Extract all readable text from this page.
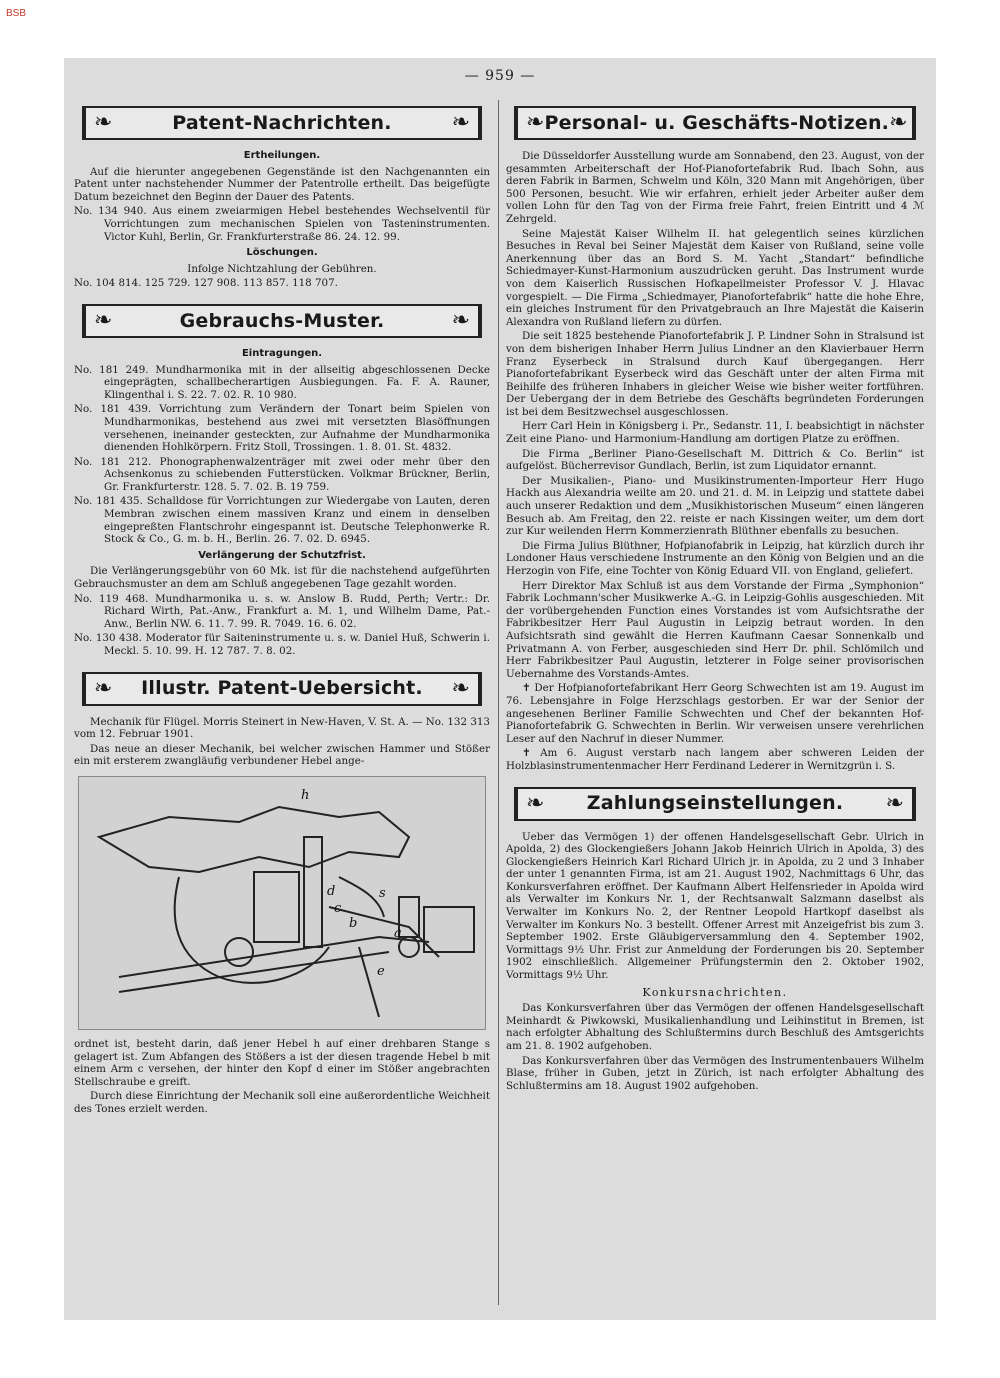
BSB
— 959 —
❧	Patent-Nachrichten.	❧
Ertheilungen.

Auf die hierunter angegebenen Gegenstände ist den Nachgenannten ein Patent unter nachstehender Nummer der Patentrolle ertheilt. Das beigefügte Datum bezeichnet den Beginn der Dauer des Patents.

No. 134 940. Aus einem zweiarmigen Hebel bestehendes Wechselventil für Vorrichtungen zum mechanischen Spielen von Tasteninstrumenten. Victor Kuhl, Berlin, Gr. Frankfurterstraße 86. 24. 12. 99.

Löschungen.

Infolge Nichtzahlung der Gebühren.

No. 104 814. 125 729. 127 908. 113 857. 118 707.

❧	Gebrauchs-Muster.	❧
Eintragungen.

No. 181 249. Mundharmonika mit in der allseitig abgeschlossenen Decke eingeprägten, schallbecherartigen Ausbiegungen. Fa. F. A. Rauner, Klingenthal i. S. 22. 7. 02. R. 10 980.

No. 181 439. Vorrichtung zum Verändern der Tonart beim Spielen von Mundharmonikas, bestehend aus zwei mit versetzten Blasöffnungen versehenen, ineinander gesteckten, zur Aufnahme der Mundharmonika dienenden Hohlkörpern. Fritz Stoll, Trossingen. 1. 8. 01. St. 4832.

No. 181 212. Phonographenwalzenträger mit zwei oder mehr über den Achsenkonus zu schiebenden Futterstücken. Volkmar Brückner, Berlin, Gr. Frankfurterstr. 128. 5. 7. 02. B. 19 759.

No. 181 435. Schalldose für Vorrichtungen zur Wiedergabe von Lauten, deren Membran zwischen einem massiven Kranz und einem in denselben eingepreßten Flantschrohr eingespannt ist. Deutsche Telephonwerke R. Stock & Co., G. m. b. H., Berlin. 26. 7. 02. D. 6945.

Verlängerung der Schutzfrist.

Die Verlängerungsgebühr von 60 Mk. ist für die nachstehend aufgeführten Gebrauchsmuster an dem am Schluß angegebenen Tage gezahlt worden.

No. 119 468. Mundharmonika u. s. w. Anslow B. Rudd, Perth; Vertr.: Dr. Richard Wirth, Pat.-Anw., Frankfurt a. M. 1, und Wilhelm Dame, Pat.-Anw., Berlin NW. 6. 11. 7. 99. R. 7049. 16. 6. 02.

No. 130 438. Moderator für Saiteninstrumente u. s. w. Daniel Huß, Schwerin i. Meckl. 5. 10. 99. H. 12 787. 7. 8. 02.

❧ Illustr. Patent-Uebersicht. ❧

Mechanik für Flügel. Morris Steinert in New-Haven, V. St. A. — No. 132 313 vom 12. Februar 1901.

Das neue an dieser Mechanik, bei welcher zwischen Hammer und Stößer ein mit ersterem zwangläufig verbundener Hebel ange-

h
s
a
b
c
d
e

ordnet ist, besteht darin, daß jener Hebel h auf einer drehbaren Stange s gelagert ist. Zum Abfangen des Stößers a ist der diesen tragende Hebel b mit einem Arm c versehen, der hinter den Kopf d einer im Stößer angebrachten Stellschraube e greift.

Durch diese Einrichtung der Mechanik soll eine außerordentliche Weichheit des Tones erzielt werden.

❧ Personal- u. Geschäfts-Notizen. ❧

Die Düsseldorfer Ausstellung wurde am Sonnabend, den 23. August, von der gesammten Arbeiterschaft der Hof-Pianofortefabrik Rud. Ibach Sohn, aus deren Fabrik in Barmen, Schwelm und Köln, 320 Mann mit Angehörigen, über 500 Personen, besucht. Wie wir erfahren, erhielt jeder Arbeiter außer dem vollen Lohn für den Tag von der Firma freie Fahrt, freien Eintritt und 4 ℳ Zehrgeld.

Seine Majestät Kaiser Wilhelm II. hat gelegentlich seines kürzlichen Besuches in Reval bei Seiner Majestät dem Kaiser von Rußland, seine volle Anerkennung über das an Bord S. M. Yacht „Standart“ befindliche Schiedmayer-Kunst-Harmonium auszudrücken geruht. Das Instrument wurde von dem Kaiserlich Russischen Hofkapellmeister Professor V. J. Hlavac vorgespielt. — Die Firma „Schiedmayer, Pianofortefabrik“ hatte die hohe Ehre, ein gleiches Instrument für den Privatgebrauch an Ihre Majestät die Kaiserin Alexandra von Rußland liefern zu dürfen.

Die seit 1825 bestehende Pianofortefabrik J. P. Lindner Sohn in Stralsund ist von dem bisherigen Inhaber Herrn Julius Lindner an den Klavierbauer Herrn Franz Eyserbeck in Stralsund durch Kauf übergegangen. Herr Pianofortefabrikant Eyserbeck wird das Geschäft unter der alten Firma mit Beihilfe des früheren Inhabers in gleicher Weise wie bisher weiter fortführen. Der Uebergang der in dem Betriebe des Geschäfts begründeten Forderungen ist bei dem Besitzwechsel ausgeschlossen.

Herr Carl Hein in Königsberg i. Pr., Sedanstr. 11, I. beabsichtigt in nächster Zeit eine Piano- und Harmonium-Handlung am dortigen Platze zu eröffnen.

Die Firma „Berliner Piano-Gesellschaft M. Dittrich & Co. Berlin“ ist aufgelöst. Bücherrevisor Gundlach, Berlin, ist zum Liquidator ernannt.

Der Musikalien-, Piano- und Musikinstrumenten-Importeur Herr Hugo Hackh aus Alexandria weilte am 20. und 21. d. M. in Leipzig und stattete dabei auch unserer Redaktion und dem „Musikhistorischen Museum“ einen längeren Besuch ab. Am Freitag, den 22. reiste er nach Kissingen weiter, um dem dort zur Kur weilenden Herrn Kommerzienrath Blüthner ebenfalls zu besuchen.

Die Firma Julius Blüthner, Hofpianofabrik in Leipzig, hat kürzlich durch ihr Londoner Haus verschiedene Instrumente an den König von Belgien und an die Herzogin von Fife, eine Tochter von König Eduard VII. von England, geliefert.

Herr Direktor Max Schluß ist aus dem Vorstande der Firma „Symphonion“ Fabrik Lochmann'scher Musikwerke A.-G. in Leipzig-Gohlis ausgeschieden. Mit der vorübergehenden Function eines Vorstandes ist vom Aufsichtsrathe der Fabrikbesitzer Herr Paul Augustin in Leipzig betraut worden. In den Aufsichtsrath sind gewählt die Herren Kaufmann Caesar Sonnenkalb und Privatmann A. von Ferber, ausgeschieden sind Herr Dr. phil. Schlömilch und Herr Fabrikbesitzer Paul Augustin, letzterer in Folge seiner provisorischen Uebernahme des Vorstands-Amtes.

✝ Der Hofpianofortefabrikant Herr Georg Schwechten ist am 19. August im 76. Lebensjahre in Folge Herzschlags gestorben. Er war der Senior der angesehenen Berliner Familie Schwechten und Chef der bekannten Hof-Pianofortefabrik G. Schwechten in Berlin. Wir verweisen unsere verehrlichen Leser auf den Nachruf in dieser Nummer.

✝ Am 6. August verstarb nach langem aber schweren Leiden der Holzblasinstrumentenmacher Herr Ferdinand Lederer in Wernitzgrün i. S.

❧ Zahlungseinstellungen. ❧

Ueber das Vermögen 1) der offenen Handelsgesellschaft Gebr. Ulrich in Apolda, 2) des Glockengießers Johann Jakob Heinrich Ulrich in Apolda, 3) des Glockengießers Heinrich Karl Richard Ulrich jr. in Apolda, zu 2 und 3 Inhaber der unter 1 genannten Firma, ist am 21. August 1902, Nachmittags 6 Uhr, das Konkursverfahren eröffnet. Der Kaufmann Albert Helfensrieder in Apolda wird als Verwalter im Konkurs Nr. 1, der Rechtsanwalt Salzmann daselbst als Verwalter im Konkurs No. 2, der Rentner Leopold Hartkopf daselbst als Verwalter im Konkurs No. 3 bestellt. Offener Arrest mit Anzeigefrist bis zum 3. September 1902. Erste Gläubigerversammlung den 4. September 1902, Vormittags 9½ Uhr. Frist zur Anmeldung der Forderungen bis 20. September 1902 einschließlich. Allgemeiner Prüfungstermin den 2. Oktober 1902, Vormittags 9½ Uhr.

Konkursnachrichten.

Das Konkursverfahren über das Vermögen der offenen Handelsgesellschaft Meinhardt & Piwkowski, Musikalienhandlung und Leihinstitut in Bremen, ist nach erfolgter Abhaltung des Schlußtermins durch Beschluß des Amtsgerichts am 21. 8. 1902 aufgehoben.

Das Konkursverfahren über das Vermögen des Instrumentenbauers Wilhelm Blase, früher in Guben, jetzt in Zürich, ist nach erfolgter Abhaltung des Schlußtermins am 18. August 1902 aufgehoben.
